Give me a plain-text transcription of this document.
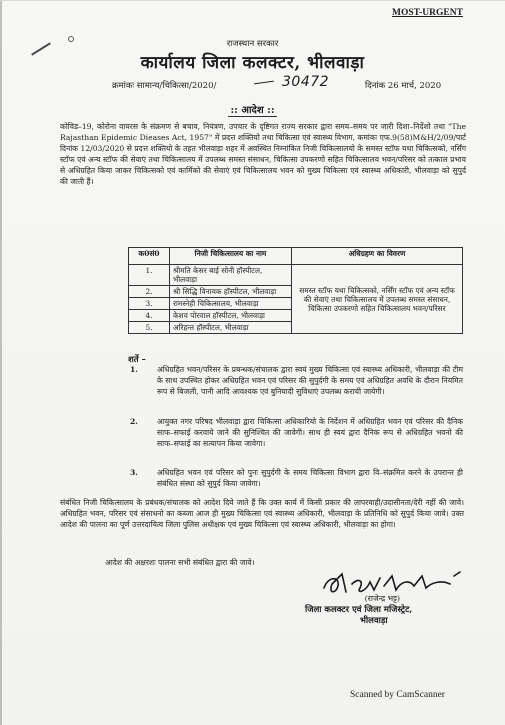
MOST-URGENT
राजस्थान सरकार
कार्यालय जिला कलक्टर, भीलवाड़ा
क्रमांकः सामान्य/चिकित्सा/2020/	30472	दिनांक 26 मार्च, 2020
:: आदेश ::
कोविड–19, कोरोना वायरस के संक्रमण से बचाव, नियंत्रण, उपचार के दृष्टिगत राज्य सरकार द्वारा समय–समय पर जारी दिशा–निर्देशो तथा "The Rajasthan Epidemic Dieases Act, 1957" में प्रदत्त शक्तियो तथा चिकित्सा एवं स्वास्थ्य विभाग, कमांकः एफ.9(58)M&H/2/09/पार्ट दिनांक 12/03/2020 से प्रदत्त शक्तियो के तहत भीलवाड़ा शहर में अवस्थित निम्नांकित निजी चिकित्सालयो के समस्त स्टॉफ यथा चिकित्सको, नर्सिंग स्टॉफ एवं अन्य स्टॉफ की सेवाएं तथा चिकित्सालय में उपलब्ध समस्त संसाधन, चिकित्सा उपकरणो सहित चिकित्सालय भवन/परिसर को तत्काल प्रभाव से अधिग्रहित किया जाकर चिकित्सको एवं कार्मिको की सेवाएं एवं चिकित्सालय भवन को मुख्य चिकित्सा एवं स्वास्थ्य अधिकारी, भीलवाड़ा को सुपुर्द की जाती हैं।
क0सं0	निजी चिकित्सालय का नाम	अधिग्रहण का विवरण
1.	श्रीमति केसर बाई सोनी हॉस्पीटल, भीलवाड़ा	समस्त स्टॉफ यथा चिकित्सको, नर्सिंग स्टॉफ एवं अन्य स्टॉफ की सेवाएं तथा चिकित्सालय में उपलब्ध समस्त संसाधन, चिकित्सा उपकरणो सहित चिकित्सालय भवन/परिसर
2.	श्री सिद्धि विनायक हॉस्पीटल, भीलवाड़ा	
3.	रामस्नेही चिकित्सालय, भीलवाड़ा	
4.	केशव पोरवाल हॉस्पीटल, भीलवाड़ा	
5.	अरिहन्त हॉस्पीटल, भीलवाड़ा	
शर्ते –
1.	अधिग्रहित भवन/परिसर के प्रबन्धक/संचालक द्वारा स्वयं मुख्य चिकित्सा एवं स्वास्थ्य अधिकारी, भीलवाड़ा की टीम के साथ उपस्थित होकर अधिग्रहित भवन एवं परिसर की सुपुर्दगी के समय एवं अधिग्रहित अवधि के दौरान नियमित रूप से बिजली, पानी आदि आवश्यक एवं बुनियादी सुविधाएं उपलब्ध करायी जायेगी।
2.	आयुक्त नगर परिषद भीलवाड़ा द्वारा चिकित्सा अधिकारियो के निर्देशन में अधिग्रहित भवन एवं परिसर की दैनिक साफ–सफाई करवाये जाने की सुनिश्चित की जावेगी। साथ ही स्वयं द्वारा दैनिक रूप से अधिग्रहित भवनो की साफ–सफाई का सत्यापन किया जावेगा।
3.	अधिग्रहित भवन एवं परिसर को पुनः सुपुर्दगी के समय चिकित्सा विभाग द्वारा वि–संक्रमित करने के उपरान्त ही संबंधित संस्था को सुपुर्द किया जावेगा।
संबंधित निजी चिकित्सालय के प्रबंधक/संचालक को आदेश दिये जाते हैं कि उक्त कार्य में किसी प्रकार की लापरवाही/उदासीनता/देरी नहीं की जावे। अधिग्रहित भवन, परिसर एवं संसाधनो का कब्जा आज ही मुख्य चिकित्सा एवं स्वास्थ्य अधिकारी, भीलवाड़ा के प्रतिनिधि को सुपुर्द किया जावे। उक्त आदेश की पालना का पूर्ण उत्तरदायित्व जिला पुलिस अधीक्षक एवं मुख्य चिकित्सा एवं स्वास्थ्य अधिकारी, भीलवाड़ा का होगा।
आदेश की अक्षरशः पालना सभी संबंधित द्वारा की जावे।
(राजेन्द्र भट्ट)
जिला कलक्टर एवं जिला मजिस्ट्रेट,
भीलवाड़ा
Scanned by CamScanner
